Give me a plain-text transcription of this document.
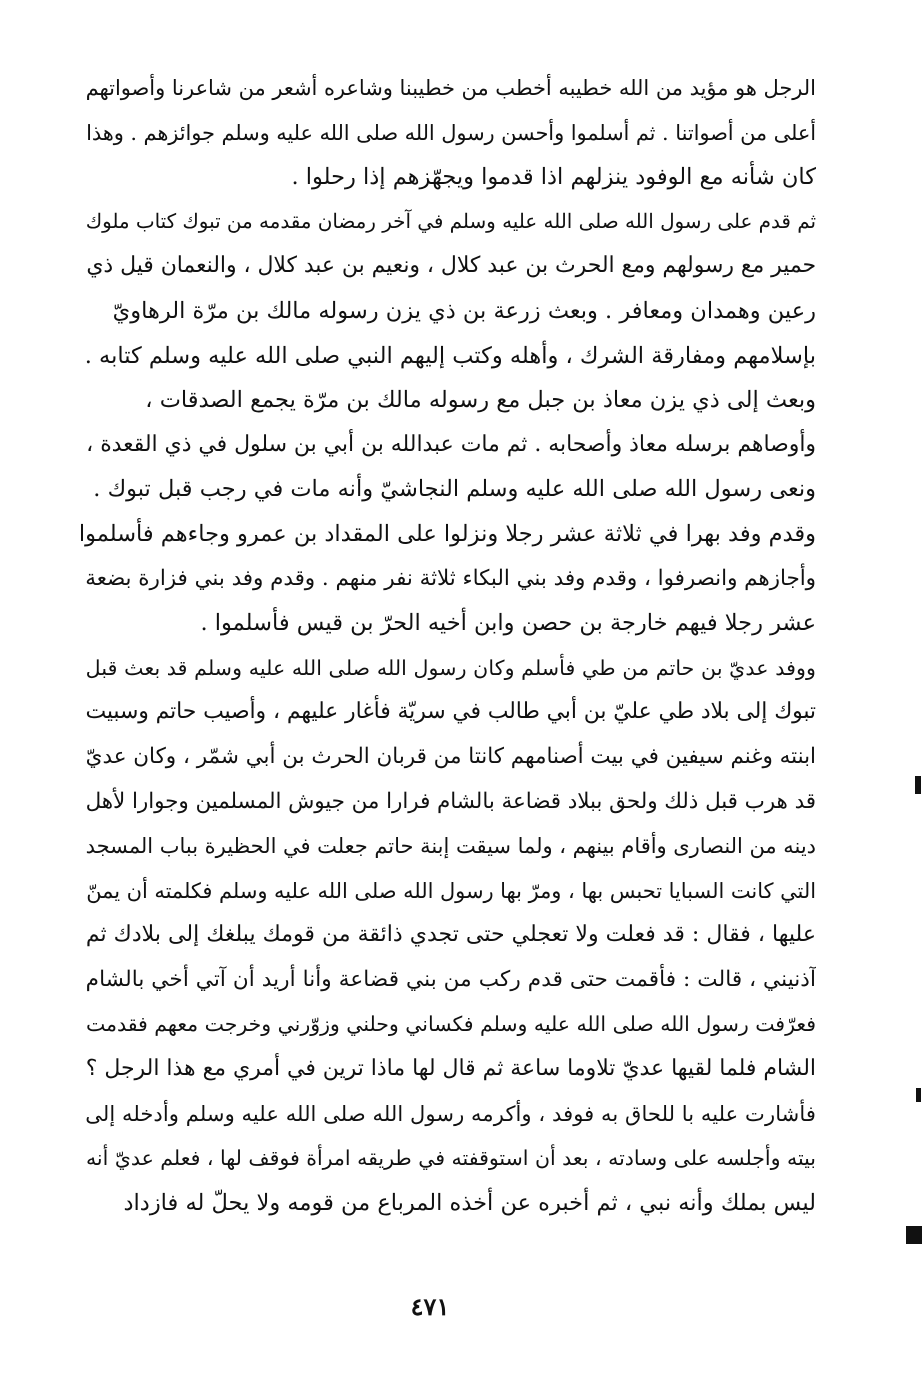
الرجل هو مؤيد من الله خطيبه أخطب من خطيبنا وشاعره أشعر من شاعرنا وأصواتهم
أعلى من أصواتنا . ثم أسلموا وأحسن رسول الله صلى الله عليه وسلم جوائزهم . وهذا
كان شأنه مع الوفود ينزلهم اذا قدموا ويجهّزهم إذا رحلوا .
ثم قدم على رسول الله صلى الله عليه وسلم في آخر رمضان مقدمه من تبوك كتاب ملوك
حمير مع رسولهم ومع الحرث بن عبد كلال ، ونعيم بن عبد كلال ، والنعمان قيل ذي
رعين وهمدان ومعافر . وبعث زرعة بن ذي يزن رسوله مالك بن مرّة الرهاويّ
بإسلامهم ومفارقة الشرك ، وأهله وكتب إليهم النبي صلى الله عليه وسلم كتابه .
وبعث إلى ذي يزن معاذ بن جبل مع رسوله مالك بن مرّة يجمع الصدقات ،
وأوصاهم برسله معاذ وأصحابه . ثم مات عبدالله بن أبي بن سلول في ذي القعدة ،
ونعى رسول الله صلى الله عليه وسلم النجاشيّ وأنه مات في رجب قبل تبوك .
وقدم وفد بهرا في ثلاثة عشر رجلا ونزلوا على المقداد بن عمرو وجاءهم فأسلموا
وأجازهم وانصرفوا ، وقدم وفد بني البكاء ثلاثة نفر منهم . وقدم وفد بني فزارة بضعة
عشر رجلا فيهم خارجة بن حصن وابن أخيه الحرّ بن قيس فأسلموا .
ووفد عديّ بن حاتم من طي فأسلم وكان رسول الله صلى الله عليه وسلم قد بعث قبل
تبوك إلى بلاد طي عليّ بن أبي طالب في سريّة فأغار عليهم ، وأصيب حاتم وسبيت
ابنته وغنم سيفين في بيت أصنامهم كانتا من قربان الحرث بن أبي شمّر ، وكان عديّ
قد هرب قبل ذلك ولحق ببلاد قضاعة بالشام فرارا من جيوش المسلمين وجوارا لأهل
دينه من النصارى وأقام بينهم ، ولما سيقت إبنة حاتم جعلت في الحظيرة بباب المسجد
التي كانت السبايا تحبس بها ، ومرّ بها رسول الله صلى الله عليه وسلم فكلمته أن يمنّ
عليها ، فقال : قد فعلت ولا تعجلي حتى تجدي ذائقة من قومك يبلغك إلى بلادك ثم
آذنيني ، قالت : فأقمت حتى قدم ركب من بني قضاعة وأنا أريد أن آتي أخي بالشام
فعرّفت رسول الله صلى الله عليه وسلم فكساني وحلني وزوّرني وخرجت معهم فقدمت
الشام فلما لقيها عديّ تلاوما ساعة ثم قال لها ماذا ترين في أمري مع هذا الرجل ؟
فأشارت عليه با للحاق به فوفد ، وأكرمه رسول الله صلى الله عليه وسلم وأدخله إلى
بيته وأجلسه على وسادته ، بعد أن استوقفته في طريقه امرأة فوقف لها ، فعلم عديّ أنه
ليس بملك وأنه نبي ، ثم أخبره عن أخذه المرباع من قومه ولا يحلّ له فازداد
٤٧١
